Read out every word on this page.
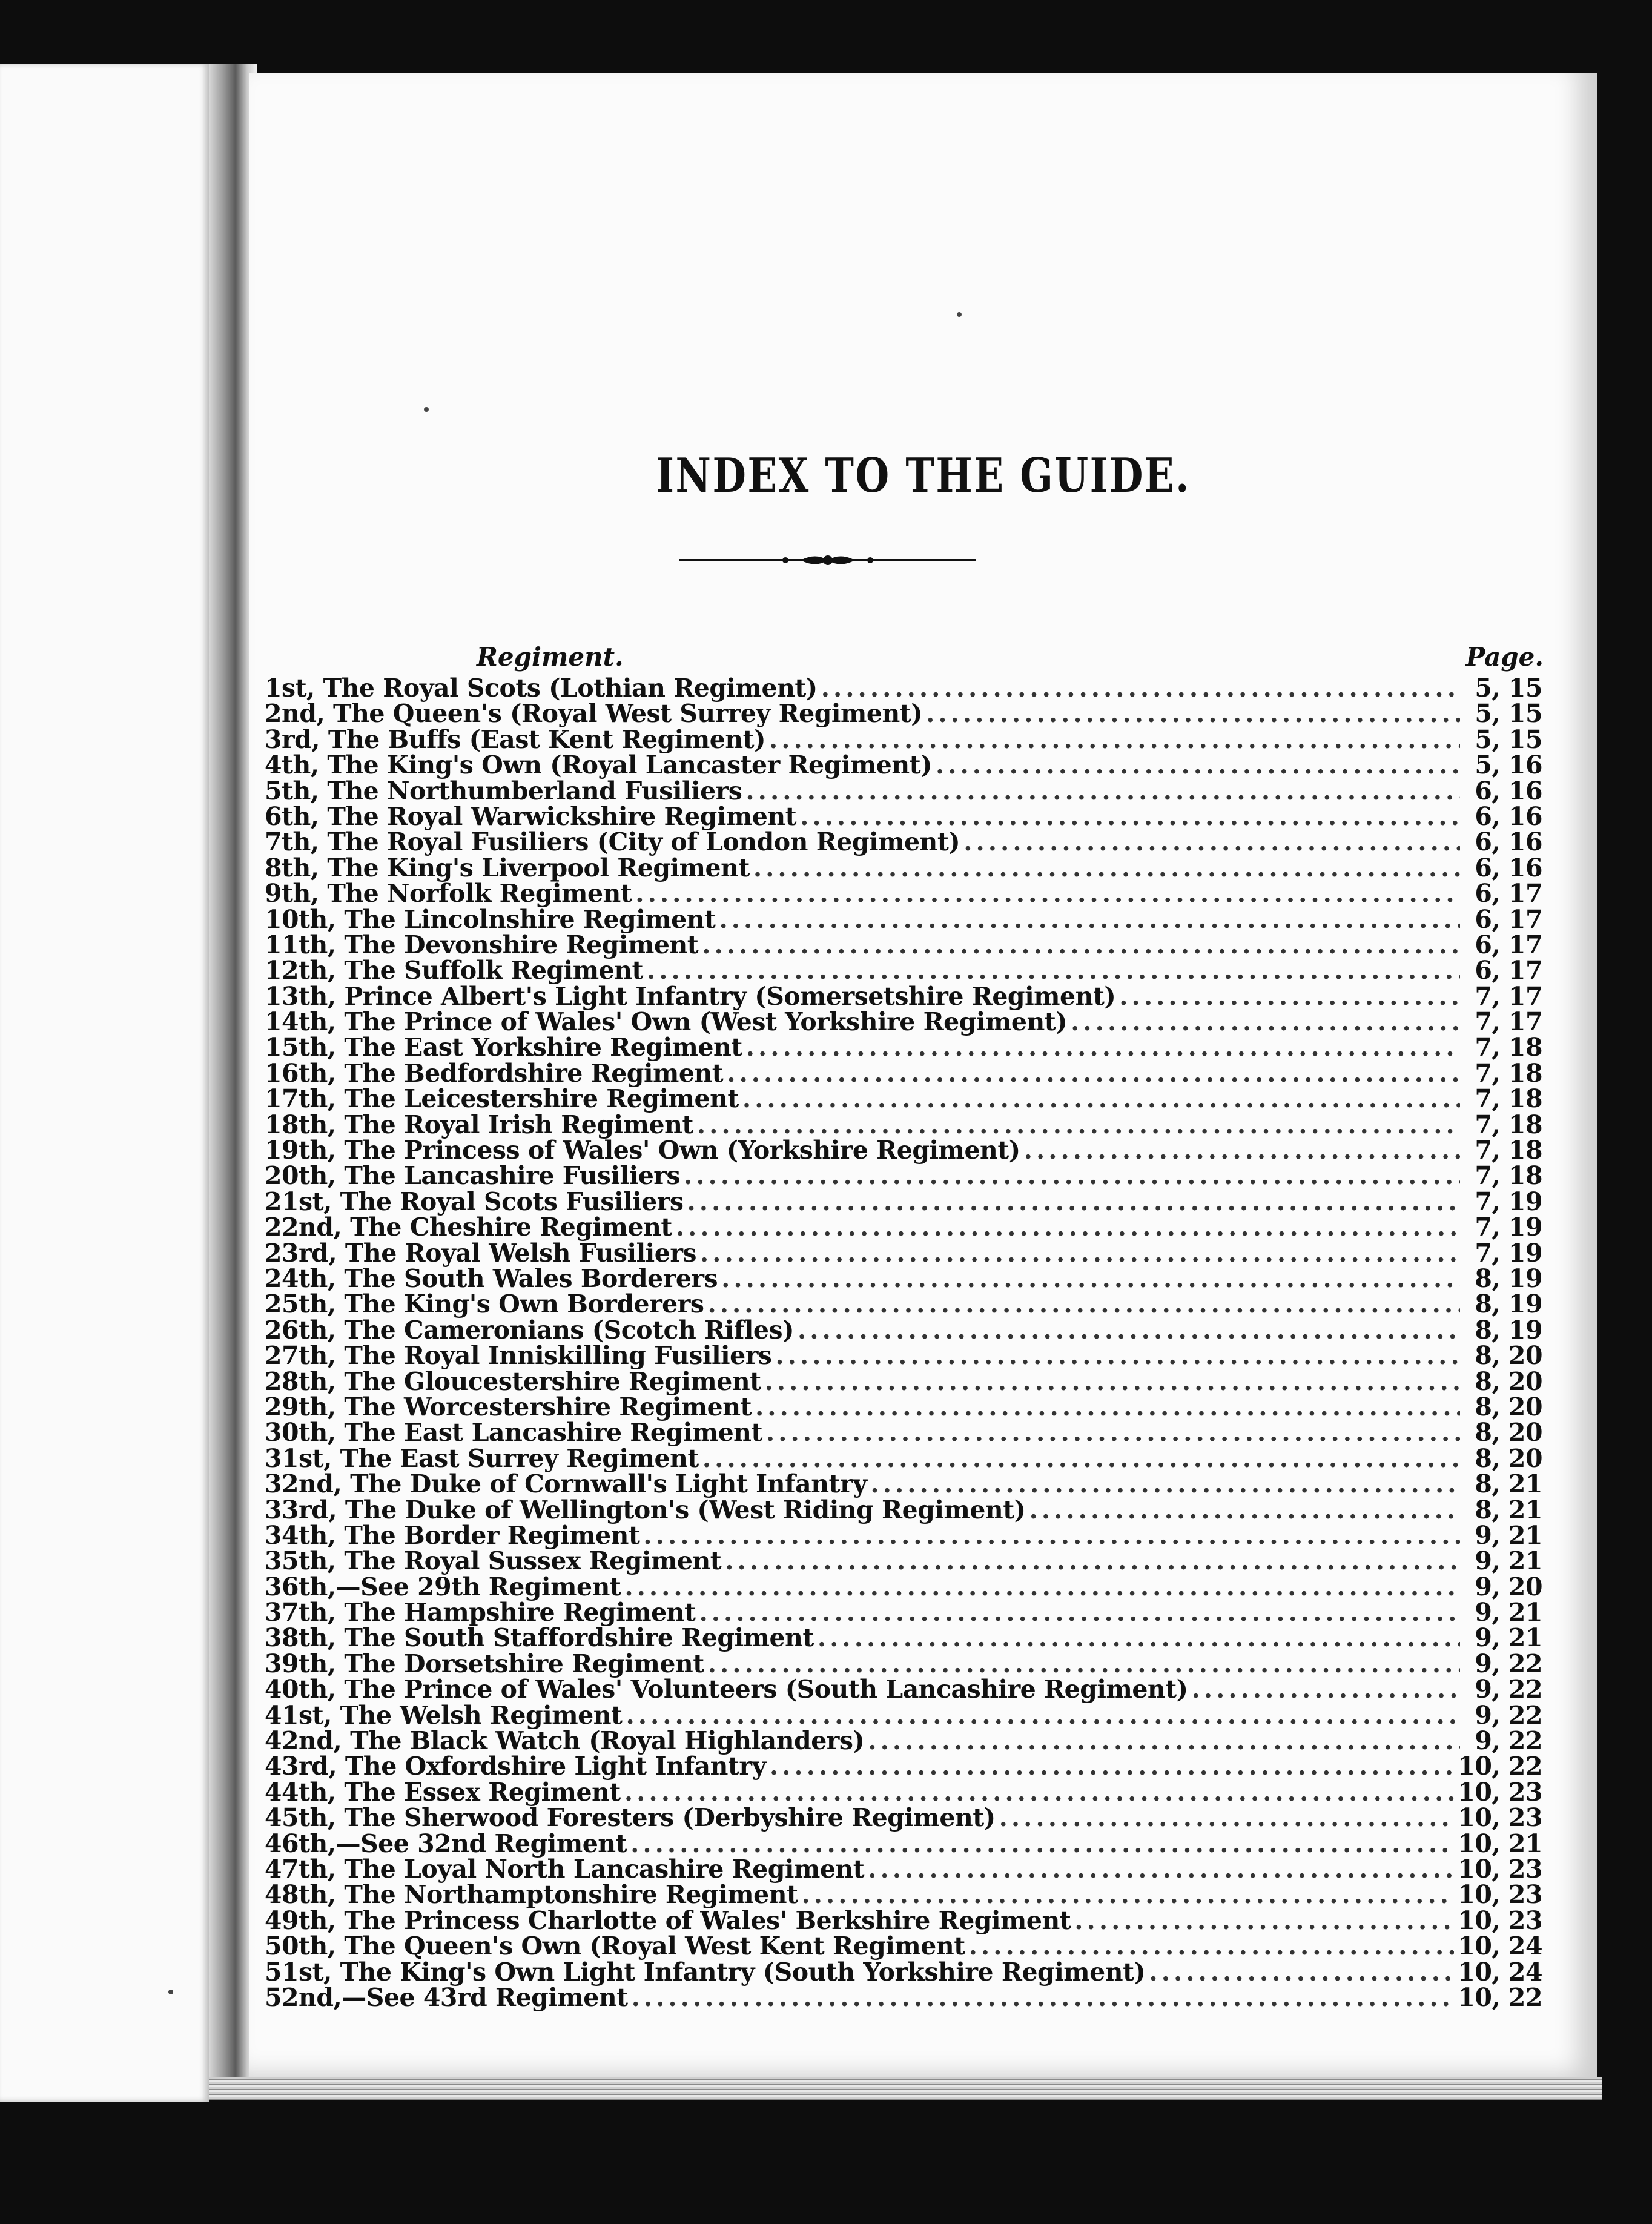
INDEX TO THE GUIDE.
Regiment.	Page.
1st, The Royal Scots (Lothian Regiment) .....	5, 15
2nd, The Queen's (Royal West Surrey Regiment) .....	5, 15
3rd, The Buffs (East Kent Regiment) .....	5, 15
4th, The King's Own (Royal Lancaster Regiment) .....	5, 16
5th, The Northumberland Fusiliers .....	6, 16
6th, The Royal Warwickshire Regiment .....	6, 16
7th, The Royal Fusiliers (City of London Regiment) .....	6, 16
8th, The King's Liverpool Regiment .....	6, 16
9th, The Norfolk Regiment .....	6, 17
10th, The Lincolnshire Regiment .....	6, 17
11th, The Devonshire Regiment .....	6, 17
12th, The Suffolk Regiment .....	6, 17
13th, Prince Albert's Light Infantry (Somersetshire Regiment) .....	7, 17
14th, The Prince of Wales' Own (West Yorkshire Regiment) .....	7, 17
15th, The East Yorkshire Regiment .....	7, 18
16th, The Bedfordshire Regiment .....	7, 18
17th, The Leicestershire Regiment .....	7, 18
18th, The Royal Irish Regiment .....	7, 18
19th, The Princess of Wales' Own (Yorkshire Regiment) .....	7, 18
20th, The Lancashire Fusiliers .....	7, 18
21st, The Royal Scots Fusiliers .....	7, 19
22nd, The Cheshire Regiment .....	7, 19
23rd, The Royal Welsh Fusiliers .....	7, 19
24th, The South Wales Borderers .....	8, 19
25th, The King's Own Borderers .....	8, 19
26th, The Cameronians (Scotch Rifles) .....	8, 19
27th, The Royal Inniskilling Fusiliers .....	8, 20
28th, The Gloucestershire Regiment .....	8, 20
29th, The Worcestershire Regiment .....	8, 20
30th, The East Lancashire Regiment .....	8, 20
31st, The East Surrey Regiment .....	8, 20
32nd, The Duke of Cornwall's Light Infantry .....	8, 21
33rd, The Duke of Wellington's (West Riding Regiment) .....	8, 21
34th, The Border Regiment .....	9, 21
35th, The Royal Sussex Regiment .....	9, 21
36th,—See 29th Regiment .....	9, 20
37th, The Hampshire Regiment .....	9, 21
38th, The South Staffordshire Regiment .....	9, 21
39th, The Dorsetshire Regiment .....	9, 22
40th, The Prince of Wales' Volunteers (South Lancashire Regiment) .....	9, 22
41st, The Welsh Regiment .....	9, 22
42nd, The Black Watch (Royal Highlanders) .....	9, 22
43rd, The Oxfordshire Light Infantry .....	10, 22
44th, The Essex Regiment .....	10, 23
45th, The Sherwood Foresters (Derbyshire Regiment) .....	10, 23
46th,—See 32nd Regiment .....	10, 21
47th, The Loyal North Lancashire Regiment .....	10, 23
48th, The Northamptonshire Regiment .....	10, 23
49th, The Princess Charlotte of Wales' Berkshire Regiment .....	10, 23
50th, The Queen's Own (Royal West Kent Regiment .....	10, 24
51st, The King's Own Light Infantry (South Yorkshire Regiment) .....	10, 24
52nd,—See 43rd Regiment .....	10, 22
